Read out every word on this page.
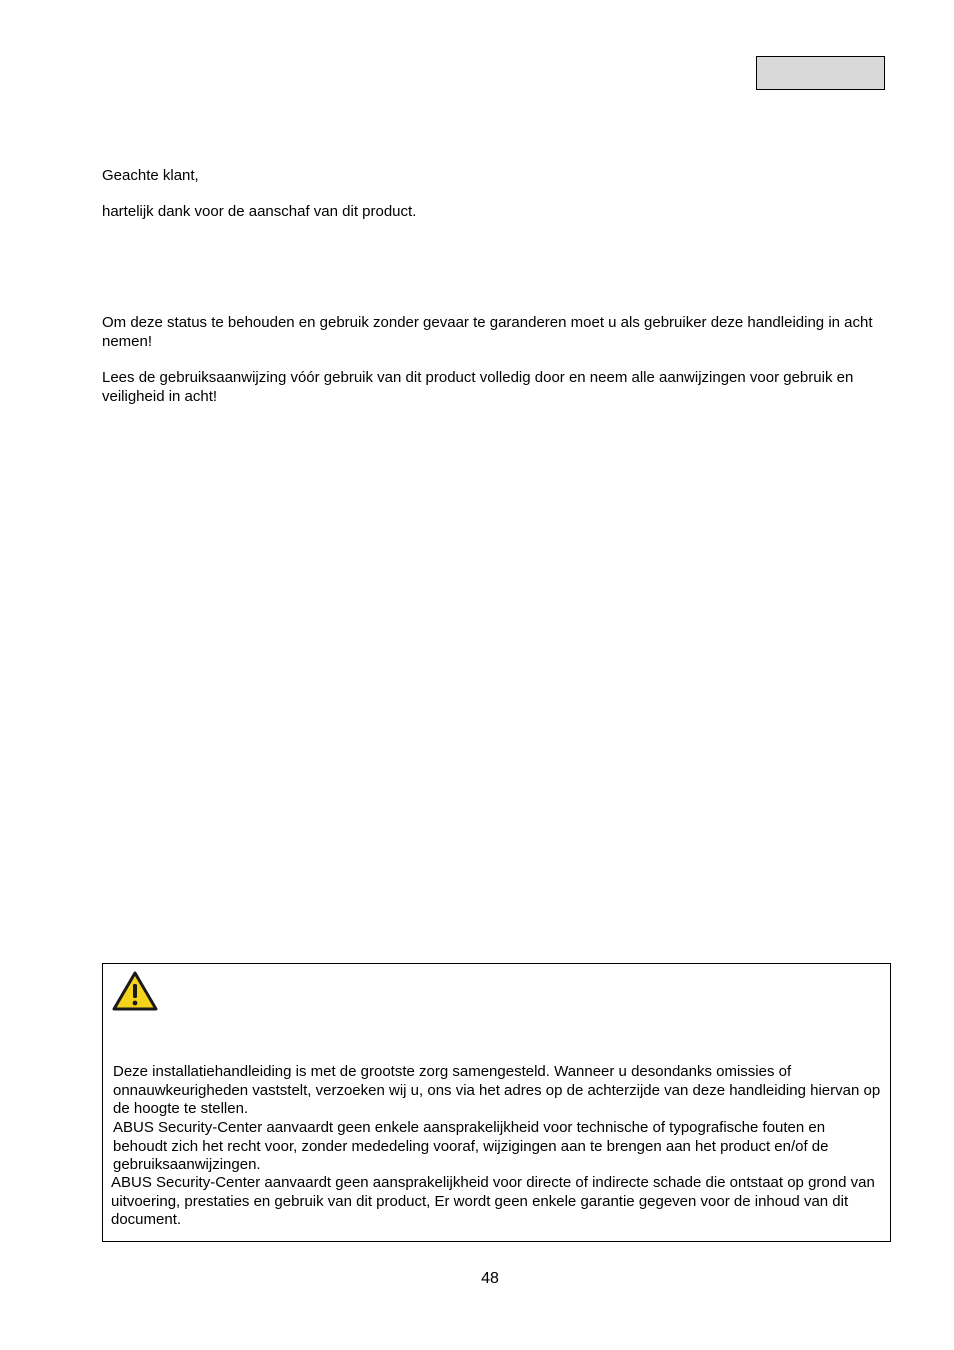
Geachte klant,

hartelijk dank voor de aanschaf van dit product.

Om deze status te behouden en gebruik zonder gevaar te garanderen moet u als gebruiker deze handleiding in acht nemen!

Lees de gebruiksaanwijzing vóór gebruik van dit product volledig door en neem alle aanwijzingen voor gebruik en veiligheid in acht!

Deze installatiehandleiding is met de grootste zorg samengesteld. Wanneer u desondanks omissies of onnauwkeurigheden vaststelt, verzoeken wij u, ons via het adres op de achterzijde van deze handleiding hiervan op de hoogte te stellen.

ABUS Security-Center aanvaardt geen enkele aansprakelijkheid voor technische of typografische fouten en behoudt zich het recht voor, zonder mededeling vooraf, wijzigingen aan te brengen aan het product en/of de gebruiksaanwijzingen.

ABUS Security-Center aanvaardt geen aansprakelijkheid voor directe of indirecte schade die ontstaat op grond van uitvoering, prestaties en gebruik van dit product, Er wordt geen enkele garantie gegeven voor de inhoud van dit document.

48
